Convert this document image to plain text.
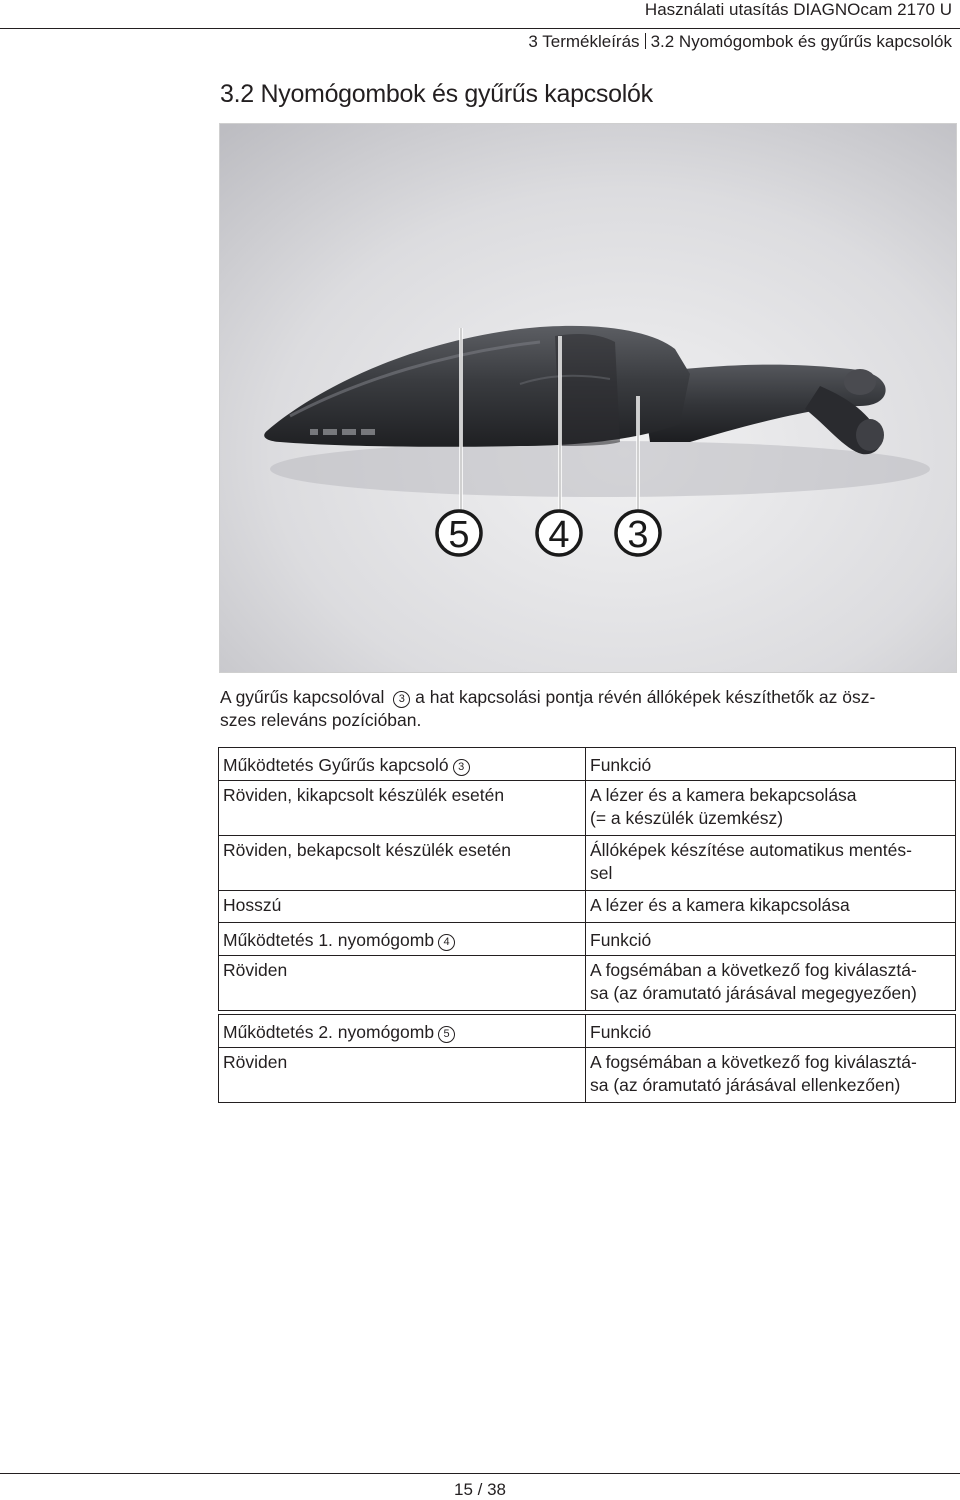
Használati utasítás DIAGNOcam 2170 U
3 Termékleírás 3.2 Nyomógombok és gyűrűs kapcsolók
3.2 Nyomógombok és gyűrűs kapcsolók
5 4 3

A gyűrűs kapcsolóval 3 a hat kapcsolási pontja révén állóképek készíthetők az ösz-

szes releváns pozícióban.

Működtetés Gyűrűs kapcsoló 3	Funkció
Röviden, kikapcsolt készülék esetén	A lézer és a kamera bekapcsolása
(= a készülék üzemkész)

Röviden, bekapcsolt készülék esetén	Állóképek készítése automatikus mentés-
sel

Hosszú	A lézer és a kamera kikapcsolása
Működtetés 1. nyomógomb 4	Funkció
Röviden	A fogsémában a következő fog kiválasztá-
sa (az óramutató járásával megegyezően)
Működtetés 2. nyomógomb 5	Funkció
Röviden	A fogsémában a következő fog kiválasztá-
sa (az óramutató járásával ellenkezően)
15 / 38
